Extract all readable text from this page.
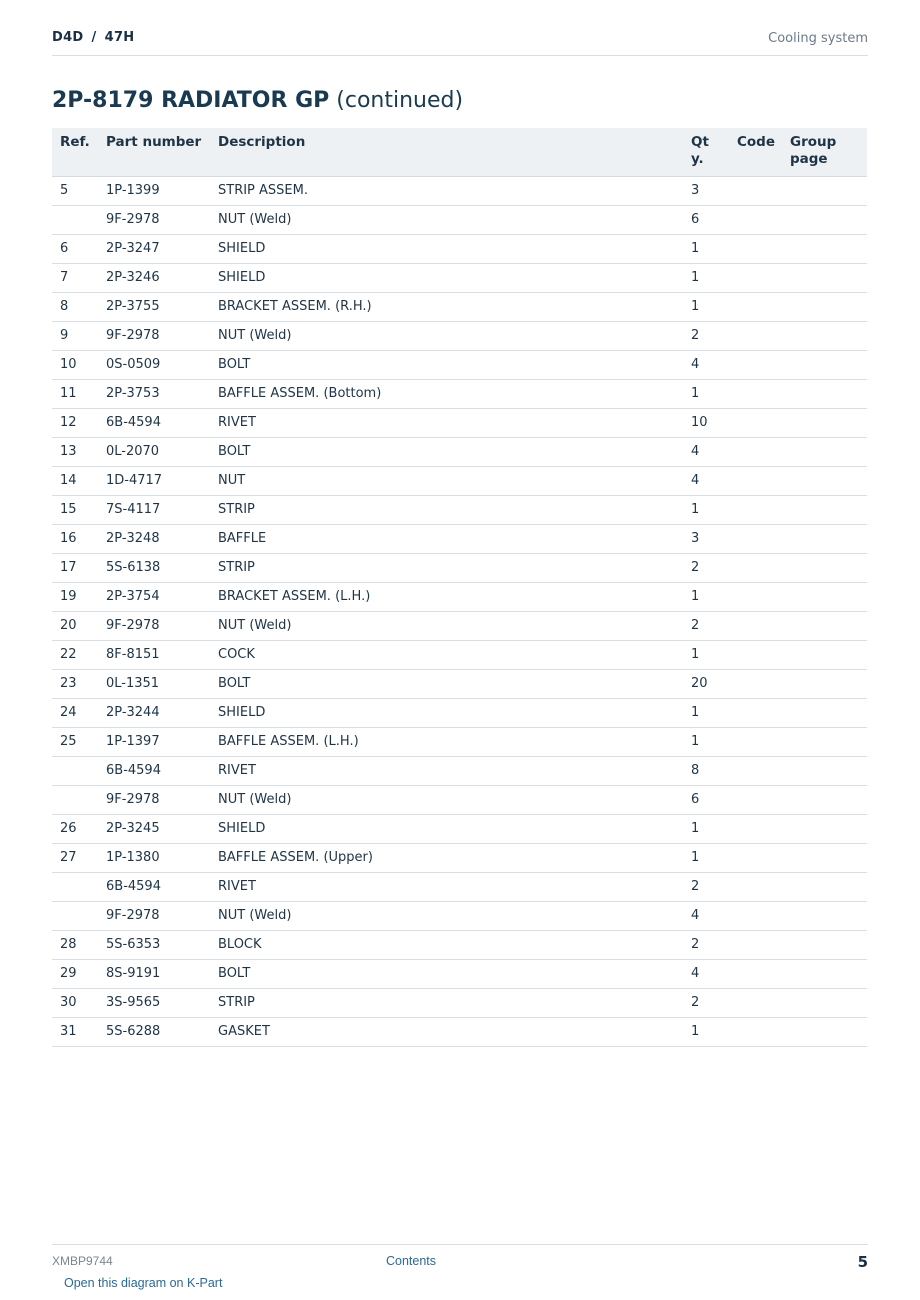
D4D / 47H	Cooling system
2P-8179 RADIATOR GP (continued)
Ref.	Part number	Description	Qty.	Code	Group page
5	1P-1399	STRIP ASSEM.	3		
	9F-2978	NUT (Weld)	6		
6	2P-3247	SHIELD	1		
7	2P-3246	SHIELD	1		
8	2P-3755	BRACKET ASSEM. (R.H.)	1		
9	9F-2978	NUT (Weld)	2		
10	0S-0509	BOLT	4		
11	2P-3753	BAFFLE ASSEM. (Bottom)	1		
12	6B-4594	RIVET	10		
13	0L-2070	BOLT	4		
14	1D-4717	NUT	4		
15	7S-4117	STRIP	1		
16	2P-3248	BAFFLE	3		
17	5S-6138	STRIP	2		
19	2P-3754	BRACKET ASSEM. (L.H.)	1		
20	9F-2978	NUT (Weld)	2		
22	8F-8151	COCK	1		
23	0L-1351	BOLT	20		
24	2P-3244	SHIELD	1		
25	1P-1397	BAFFLE ASSEM. (L.H.)	1		
	6B-4594	RIVET	8		
	9F-2978	NUT (Weld)	6		
26	2P-3245	SHIELD	1		
27	1P-1380	BAFFLE ASSEM. (Upper)	1		
	6B-4594	RIVET	2		
	9F-2978	NUT (Weld)	4		
28	5S-6353	BLOCK	2		
29	8S-9191	BOLT	4		
30	3S-9565	STRIP	2		
31	5S-6288	GASKET	1		
XMBP9744	Contents	5
Open this diagram on K-Part
